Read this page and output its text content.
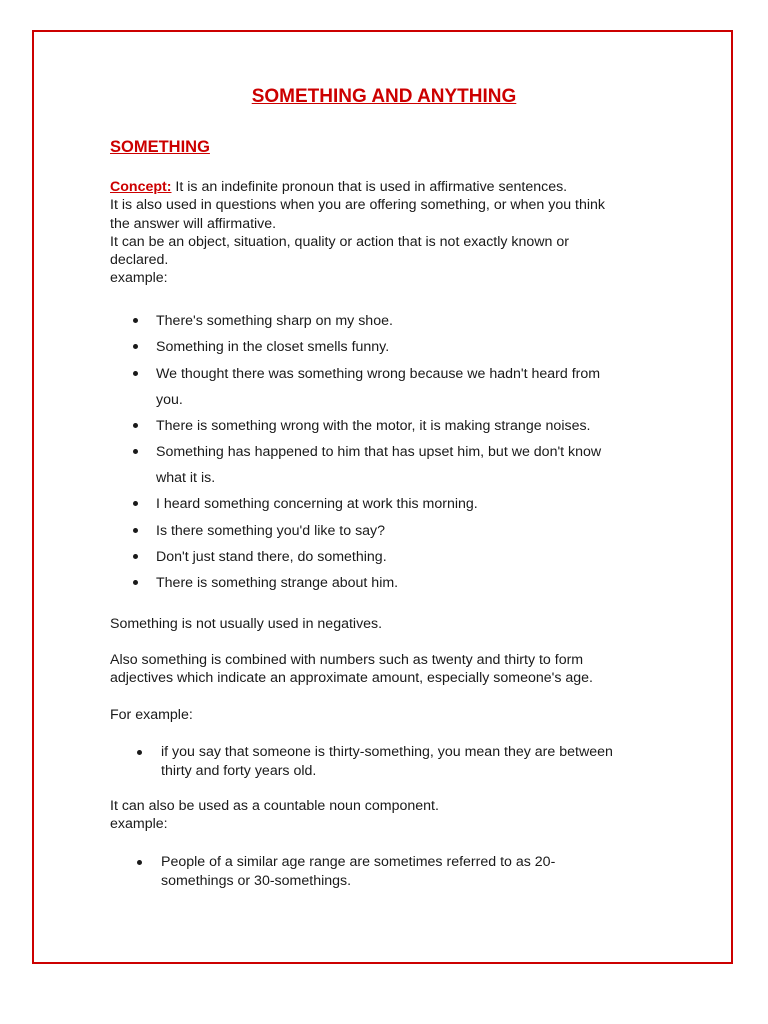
SOMETHING AND ANYTHING
SOMETHING

Concept: It is an indefinite pronoun that is used in affirmative sentences.
It is also used in questions when you are offering something, or when you think
the answer will affirmative.
It can be an object, situation, quality or action that is not exactly known or
declared.
example:

There's something sharp on my shoe.
Something in the closet smells funny.
We thought there was something wrong because we hadn't heard from
you.
There is something wrong with the motor, it is making strange noises.
Something has happened to him that has upset him, but we don't know
what it is.
I heard something concerning at work this morning.
Is there something you'd like to say?
Don't just stand there, do something.
There is something strange about him.

Something is not usually used in negatives.

Also something is combined with numbers such as twenty and thirty to form
adjectives which indicate an approximate amount, especially someone's age.

For example:

if you say that someone is thirty-something, you mean they are between
thirty and forty years old.

It can also be used as a countable noun component.
example:

People of a similar age range are sometimes referred to as 20-
somethings or 30-somethings.
